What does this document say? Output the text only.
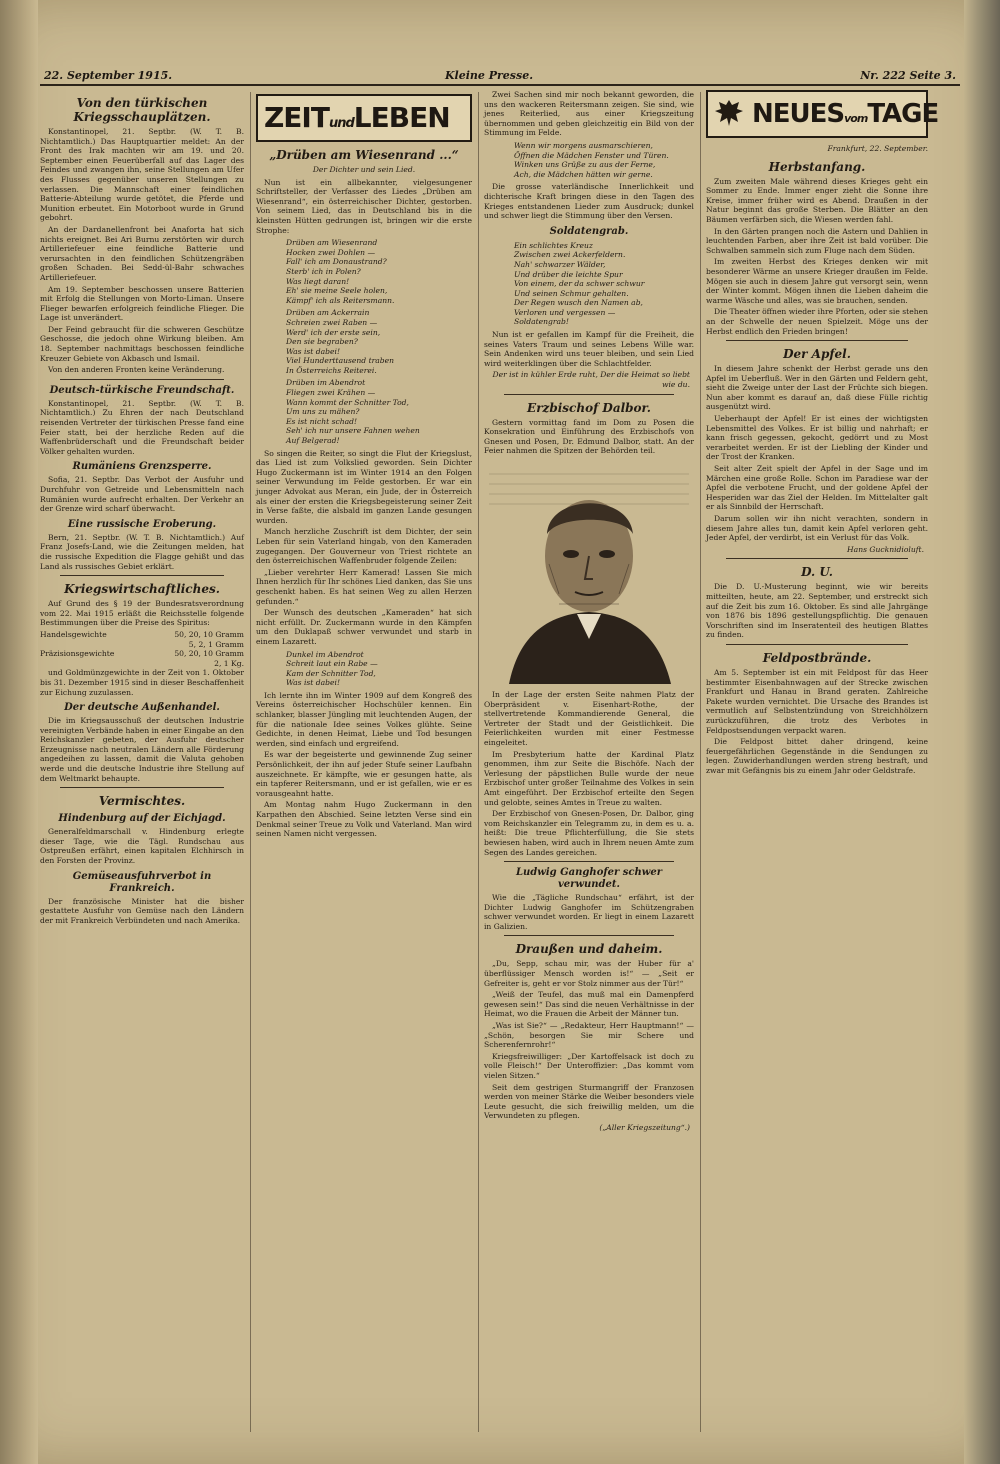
22. September 1915.	Kleine Presse.	Nr. 222 Seite 3.
Von den türkischen Kriegsschauplätzen.

Konstantinopel, 21. Septbr. (W. T. B. Nichtamtlich.) Das Hauptquartier meldet: An der Front des Irak machten wir am 19. und 20. September einen Feuerüberfall auf das Lager des Feindes und zwangen ihn, seine Stellungen am Ufer des Flusses gegenüber unseren Stellungen zu verlassen. Die Mannschaft einer feindlichen Batterie-Abteilung wurde getötet, die Pferde und Munition erbeutet. Ein Motorboot wurde in Grund gebohrt.

An der Dardanellenfront bei Anaforta hat sich nichts ereignet. Bei Ari Burnu zerstörten wir durch Artilleriefeuer eine feindliche Batterie und verursachten in den feindlichen Schützengräben großen Schaden. Bei Sedd-ül-Bahr schwaches Artilleriefeuer.

Am 19. September beschossen unsere Batterien mit Erfolg die Stellungen von Morto-Liman. Unsere Flieger bewarfen erfolgreich feindliche Flieger. Die Lage ist unverändert.

Der Feind gebraucht für die schweren Geschütze Geschosse, die jedoch ohne Wirkung bleiben. Am 18. September nachmittags beschossen feindliche Kreuzer Gebiete von Akbasch und Ismail.

Von den anderen Fronten keine Veränderung.

Deutsch-türkische Freundschaft.

Konstantinopel, 21. Septbr. (W. T. B. Nichtamtlich.) Zu Ehren der nach Deutschland reisenden Vertreter der türkischen Presse fand eine Feier statt, bei der herzliche Reden auf die Waffenbrüderschaft und die Freundschaft beider Völker gehalten wurden.

Rumäniens Grenzsperre.

Sofia, 21. Septbr. Das Verbot der Ausfuhr und Durchfuhr von Getreide und Lebensmitteln nach Rumänien wurde aufrecht erhalten. Der Verkehr an der Grenze wird scharf überwacht.

Eine russische Eroberung.

Bern, 21. Septbr. (W. T. B. Nichtamtlich.) Auf Franz Josefs-Land, wie die Zeitungen melden, hat die russische Expedition die Flagge gehißt und das Land als russisches Gebiet erklärt.

Kriegswirtschaftliches.

Auf Grund des § 19 der Bundesratsverordnung vom 22. Mai 1915 erläßt die Reichsstelle folgende Bestimmungen über die Preise des Spiritus:

Handelsgewichte	50, 20, 10 Gramm
5, 2, 1 Gramm
Präzisionsgewichte	50, 20, 10 Gramm
2, 1 Kg.

und Goldmünzgewichte in der Zeit von 1. Oktober bis 31. Dezember 1915 sind in dieser Beschaffenheit zur Eichung zuzulassen.

Der deutsche Außenhandel.

Die im Kriegsausschuß der deutschen Industrie vereinigten Verbände haben in einer Eingabe an den Reichskanzler gebeten, der Ausfuhr deutscher Erzeugnisse nach neutralen Ländern alle Förderung angedeihen zu lassen, damit die Valuta gehoben werde und die deutsche Industrie ihre Stellung auf dem Weltmarkt behaupte.

Vermischtes.
Hindenburg auf der Eichjagd.

Generalfeldmarschall v. Hindenburg erlegte dieser Tage, wie die Tägl. Rundschau aus Ostpreußen erfährt, einen kapitalen Elchhirsch in den Forsten der Provinz.

Gemüseausfuhrverbot in Frankreich.

Der französische Minister hat die bisher gestattete Ausfuhr von Gemüse nach den Ländern der mit Frankreich Verbündeten und nach Amerika.

ZEITundLEBEN
„Drüben am Wiesenrand ...“
Der Dichter und sein Lied.

Nun ist ein allbekannter, vielgesungener Schriftsteller, der Verfasser des Liedes „Drüben am Wiesenrand“, ein österreichischer Dichter, gestorben. Von seinem Lied, das in Deutschland bis in die kleinsten Hütten gedrungen ist, bringen wir die erste Strophe:

Drüben am Wiesenrand
Hocken zwei Dohlen —
Fall' ich am Donaustrand?
Sterb' ich in Polen?
Was liegt daran!
Eh' sie meine Seele holen,
Kämpf' ich als Reitersmann.
Drüben am Ackerrain
Schreien zwei Raben —
Werd' ich der erste sein,
Den sie begraben?
Was ist dabei!
Viel Hunderttausend traben
In Österreichs Reiterei.
Drüben im Abendrot
Fliegen zwei Krähen —
Wann kommt der Schnitter Tod,
Um uns zu mähen?
Es ist nicht schad!
Seh' ich nur unsere Fahnen wehen
Auf Belgerad!

So singen die Reiter, so singt die Flut der Kriegslust, das Lied ist zum Volkslied geworden. Sein Dichter Hugo Zuckermann ist im Winter 1914 an den Folgen seiner Verwundung im Felde gestorben. Er war ein junger Advokat aus Meran, ein Jude, der in Österreich als einer der ersten die Kriegsbegeisterung seiner Zeit in Verse faßte, die alsbald im ganzen Lande gesungen wurden.

Manch herzliche Zuschrift ist dem Dichter, der sein Leben für sein Vaterland hingab, von den Kameraden zugegangen. Der Gouverneur von Triest richtete an den österreichischen Waffenbruder folgende Zeilen:

„Lieber verehrter Herr Kamerad! Lassen Sie mich Ihnen herzlich für Ihr schönes Lied danken, das Sie uns geschenkt haben. Es hat seinen Weg zu allen Herzen gefunden.“

Der Wunsch des deutschen „Kameraden“ hat sich nicht erfüllt. Dr. Zuckermann wurde in den Kämpfen um den Duklapaß schwer verwundet und starb in einem Lazarett.

Dunkel im Abendrot
Schreit laut ein Rabe —
Kam der Schnitter Tod,
Was ist dabei!

Ich lernte ihn im Winter 1909 auf dem Kongreß des Vereins österreichischer Hochschüler kennen. Ein schlanker, blasser Jüngling mit leuchtenden Augen, der für die nationale Idee seines Volkes glühte. Seine Gedichte, in denen Heimat, Liebe und Tod besungen werden, sind einfach und ergreifend.

Es war der begeisterte und gewinnende Zug seiner Persönlichkeit, der ihn auf jeder Stufe seiner Laufbahn auszeichnete. Er kämpfte, wie er gesungen hatte, als ein tapferer Reitersmann, und er ist gefallen, wie er es vorausgeahnt hatte.

Am Montag nahm Hugo Zuckermann in den Karpathen den Abschied. Seine letzten Verse sind ein Denkmal seiner Treue zu Volk und Vaterland. Man wird seinen Namen nicht vergessen.

Zwei Sachen sind mir noch bekannt geworden, die uns den wackeren Reitersmann zeigen. Sie sind, wie jenes Reiterlied, aus einer Kriegszeitung übernommen und geben gleichzeitig ein Bild von der Stimmung im Felde.

Wenn wir morgens ausmarschieren,
Öffnen die Mädchen Fenster und Türen.
Winken uns Grüße zu aus der Ferne,
Ach, die Mädchen hätten wir gerne.

Die grosse vaterländische Innerlichkeit und dichterische Kraft bringen diese in den Tagen des Krieges entstandenen Lieder zum Ausdruck; dunkel und schwer liegt die Stimmung über den Versen.

Soldatengrab.
Ein schlichtes Kreuz
Zwischen zwei Ackerfeldern.
Nah' schwarzer Wälder,
Und drüber die leichte Spur
Von einem, der da schwer schwur
Und seinen Schmur gehalten.
Der Regen wusch den Namen ab,
Verloren und vergessen —
Soldatengrab!

Nun ist er gefallen im Kampf für die Freiheit, die seines Vaters Traum und seines Lebens Wille war. Sein Andenken wird uns teuer bleiben, und sein Lied wird weiterklingen über die Schlachtfelder.

Der ist in kühler Erde ruht, Der die Heimat so liebt wie du.
Erzbischof Dalbor.

Gestern vormittag fand im Dom zu Posen die Konsekration und Einführung des Erzbischofs von Gnesen und Posen, Dr. Edmund Dalbor, statt. An der Feier nahmen die Spitzen der Behörden teil.

In der Lage der ersten Seite nahmen Platz der Oberpräsident v. Eisenhart-Rothe, der stellvertretende Kommandierende General, die Vertreter der Stadt und der Geistlichkeit. Die Feierlichkeiten wurden mit einer Festmesse eingeleitet.

Im Presbyterium hatte der Kardinal Platz genommen, ihm zur Seite die Bischöfe. Nach der Verlesung der päpstlichen Bulle wurde der neue Erzbischof unter großer Teilnahme des Volkes in sein Amt eingeführt. Der Erzbischof erteilte den Segen und gelobte, seines Amtes in Treue zu walten.

Der Erzbischof von Gnesen-Posen, Dr. Dalbor, ging vom Reichskanzler ein Telegramm zu, in dem es u. a. heißt: Die treue Pflichterfüllung, die Sie stets bewiesen haben, wird auch in Ihrem neuen Amte zum Segen des Landes gereichen.

Ludwig Ganghofer schwer verwundet.

Wie die „Tägliche Rundschau“ erfährt, ist der Dichter Ludwig Ganghofer im Schützengraben schwer verwundet worden. Er liegt in einem Lazarett in Galizien.

Draußen und daheim.

„Du, Sepp, schau mir, was der Huber für a' überflüssiger Mensch worden is!“ — „Seit er Gefreiter is, geht er vor Stolz nimmer aus der Tür!“

„Weiß der Teufel, das muß mal ein Damenpferd gewesen sein!“ Das sind die neuen Verhältnisse in der Heimat, wo die Frauen die Arbeit der Männer tun.

„Was ist Sie?“ — „Redakteur, Herr Hauptmann!“ — „Schön, besorgen Sie mir Schere und Scherenfernrohr!“

Kriegsfreiwilliger: „Der Kartoffelsack ist doch zu volle Fleisch!“ Der Unteroffizier: „Das kommt vom vielen Sitzen.“

Seit dem gestrigen Sturmangriff der Franzosen werden von meiner Stärke die Weiber besonders viele Leute gesucht, die sich freiwillig melden, um die Verwundeten zu pflegen.

(„Aller Kriegszeitung“.)
NEUESvomTAGE
Frankfurt, 22. September.
Herbstanfang.

Zum zweiten Male während dieses Krieges geht ein Sommer zu Ende. Immer enger zieht die Sonne ihre Kreise, immer früher wird es Abend. Draußen in der Natur beginnt das große Sterben. Die Blätter an den Bäumen verfärben sich, die Wiesen werden fahl.

In den Gärten prangen noch die Astern und Dahlien in leuchtenden Farben, aber ihre Zeit ist bald vorüber. Die Schwalben sammeln sich zum Fluge nach dem Süden.

Im zweiten Herbst des Krieges denken wir mit besonderer Wärme an unsere Krieger draußen im Felde. Mögen sie auch in diesem Jahre gut versorgt sein, wenn der Winter kommt. Mögen ihnen die Lieben daheim die warme Wäsche und alles, was sie brauchen, senden.

Die Theater öffnen wieder ihre Pforten, oder sie stehen an der Schwelle der neuen Spielzeit. Möge uns der Herbst endlich den Frieden bringen!

Der Apfel.

In diesem Jahre schenkt der Herbst gerade uns den Apfel im Ueberfluß. Wer in den Gärten und Feldern geht, sieht die Zweige unter der Last der Früchte sich biegen. Nun aber kommt es darauf an, daß diese Fülle richtig ausgenützt wird.

Ueberhaupt der Apfel! Er ist eines der wichtigsten Lebensmittel des Volkes. Er ist billig und nahrhaft; er kann frisch gegessen, gekocht, gedörrt und zu Most verarbeitet werden. Er ist der Liebling der Kinder und der Trost der Kranken.

Seit alter Zeit spielt der Apfel in der Sage und im Märchen eine große Rolle. Schon im Paradiese war der Apfel die verbotene Frucht, und der goldene Apfel der Hesperiden war das Ziel der Helden. Im Mittelalter galt er als Sinnbild der Herrschaft.

Darum sollen wir ihn nicht verachten, sondern in diesem Jahre alles tun, damit kein Apfel verloren geht. Jeder Apfel, der verdirbt, ist ein Verlust für das Volk.

Hans Gucknidioluft.
D. U.

Die D. U.-Musterung beginnt, wie wir bereits mitteilten, heute, am 22. September, und erstreckt sich auf die Zeit bis zum 16. Oktober. Es sind alle Jahrgänge von 1876 bis 1896 gestellungspflichtig. Die genauen Vorschriften sind im Inseratenteil des heutigen Blattes zu finden.

Feldpostbrände.

Am 5. September ist ein mit Feldpost für das Heer bestimmter Eisenbahnwagen auf der Strecke zwischen Frankfurt und Hanau in Brand geraten. Zahlreiche Pakete wurden vernichtet. Die Ursache des Brandes ist vermutlich auf Selbstentzündung von Streichhölzern zurückzuführen, die trotz des Verbotes in Feldpostsendungen verpackt waren.

Die Feldpost bittet daher dringend, keine feuergefährlichen Gegenstände in die Sendungen zu legen. Zuwiderhandlungen werden streng bestraft, und zwar mit Gefängnis bis zu einem Jahr oder Geldstrafe.
